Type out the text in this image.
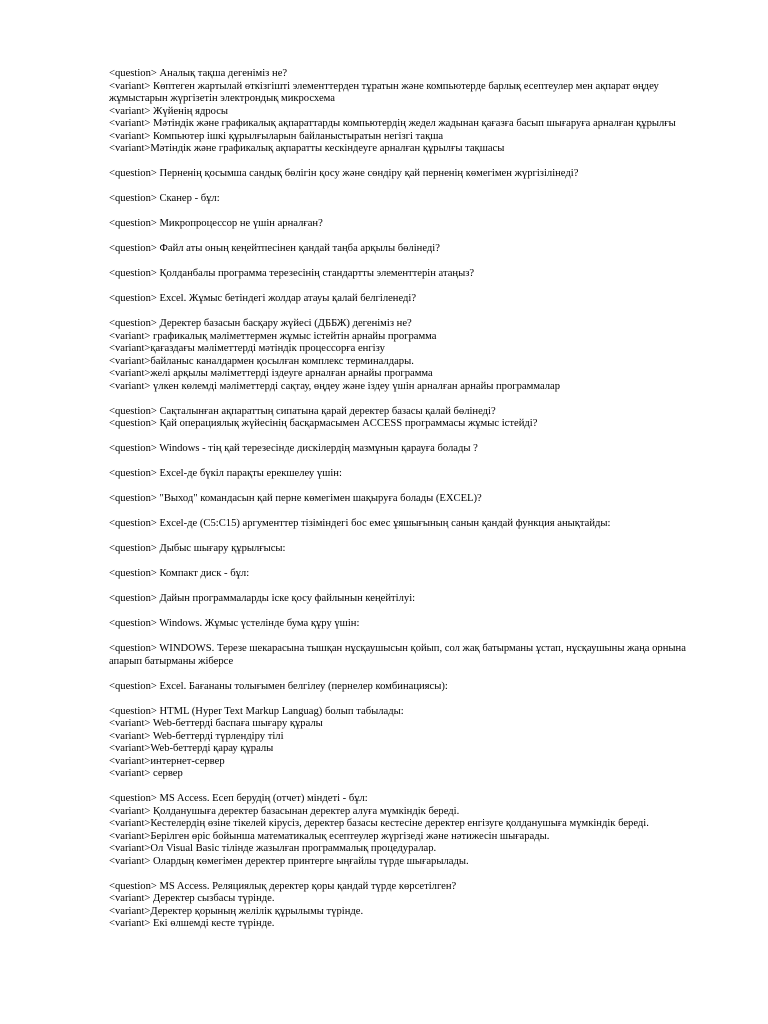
<question> Аналық тақша дегеніміз не?
<variant> Көптеген жартылай өткізгішті элементтерден тұратын және компьютерде барлық есептеулер мен ақпарат өңдеу жұмыстарын жүргізетін электрондық микросхема
<variant> Жүйенің ядросы
<variant> Мәтіндік және графикалық ақпараттарды компьютердің жедел жадынан қағазға басып шығаруға арналған құрылғы
<variant> Компьютер ішкі құрылғыларын байланыстыратын негізгі тақша
<variant>Мәтіндік және графикалық ақпаратты кескіндеуге арналған құрылғы тақшасы
<question> Перненің қосымша сандық бөлігін қосу және сөндіру қай перненің көмегімен жүргізілінеді?
<question> Сканер - бұл:
<question> Микропроцессор не үшін арналған?
<question> Файл аты оның кеңейтпесінен қандай таңба арқылы бөлінеді?
<question> Қолданбалы программа терезесінің стандартты элементтерін атаңыз?
<question> Excel. Жұмыс бетіндегі жолдар атауы қалай белгіленеді?
<question> Деректер базасын басқару жүйесі (ДББЖ) дегеніміз не?
<variant> графикалық мәліметтермен жұмыс істейтін арнайы программа
<variant>қағаздағы мәліметтерді мәтіндік процессорға енгізу
<variant>байланыс каналдармен қосылған комплекс терминалдары.
<variant>желі арқылы мәліметтерді іздеуге арналған арнайы программа
<variant> үлкен көлемді мәліметтерді сақтау, өңдеу және іздеу үшін арналған арнайы программалар
<question> Сақталынған ақпараттың сипатына қарай деректер базасы қалай бөлінеді?
<question> Қай операциялық жүйесінің басқармасымен ACCESS программасы жұмыс істейді?
<question> Windows - тің қай терезесінде дискілердің мазмұнын қарауға болады ?
<question> Excel-де бүкіл парақты ерекшелеу үшін:
<question> "Выход" командасын қай перне көмегімен шақыруға болады (EXCEL)?
<question> Excel-де (C5:C15) аргументтер тізіміндегі бос емес ұяшығының санын қандай функция анықтайды:
<question> Дыбыс шығару құрылғысы:
<question> Компакт диск - бұл:
<question> Дайын программаларды іске қосу файлынын кеңейтілуі:
<question> Windows. Жұмыс үстелінде бума құру үшін:
<question> WINDOWS. Терезе шекарасына тышқан нұсқаушысын қойып, сол жақ батырманы ұстап, нұсқаушыны жаңа орнына апарып батырманы жіберсе
<question> Excel. Бағананы толығымен белгілеу (пернелер комбинациясы):
<question> HTML (Hyper Text Markup Languag) болып табылады:
<variant> Web-беттерді баспаға шығару құралы
<variant> Web-беттерді түрлендіру тілі
<variant>Web-беттерді қарау құралы
<variant>интернет-сервер
<variant> сервер
<question> MS Access. Есеп берудің (отчет) міндеті - бұл:
<variant> Қолданушыға деректер базасынан деректер алуға мүмкіндік береді.
<variant>Кестелердің өзіне тікелей кірусіз, деректер базасы кестесіне деректер енгізуге қолданушыға мүмкіндік береді.
<variant>Берілген өріс бойынша математикалық есептеулер жүргізеді және нәтижесін шығарады.
<variant>Ол Visual Basic тілінде жазылған программалық процедуралар.
<variant> Олардың көмегімен деректер принтерге ыңғайлы түрде шығарылады.
<question> MS Access. Реляциялық деректер қоры қандай түрде көрсетілген?
<variant> Деректер сызбасы түрінде.
<variant>Деректер қорының желілік құрылымы түрінде.
<variant> Екі өлшемді кесте түрінде.
